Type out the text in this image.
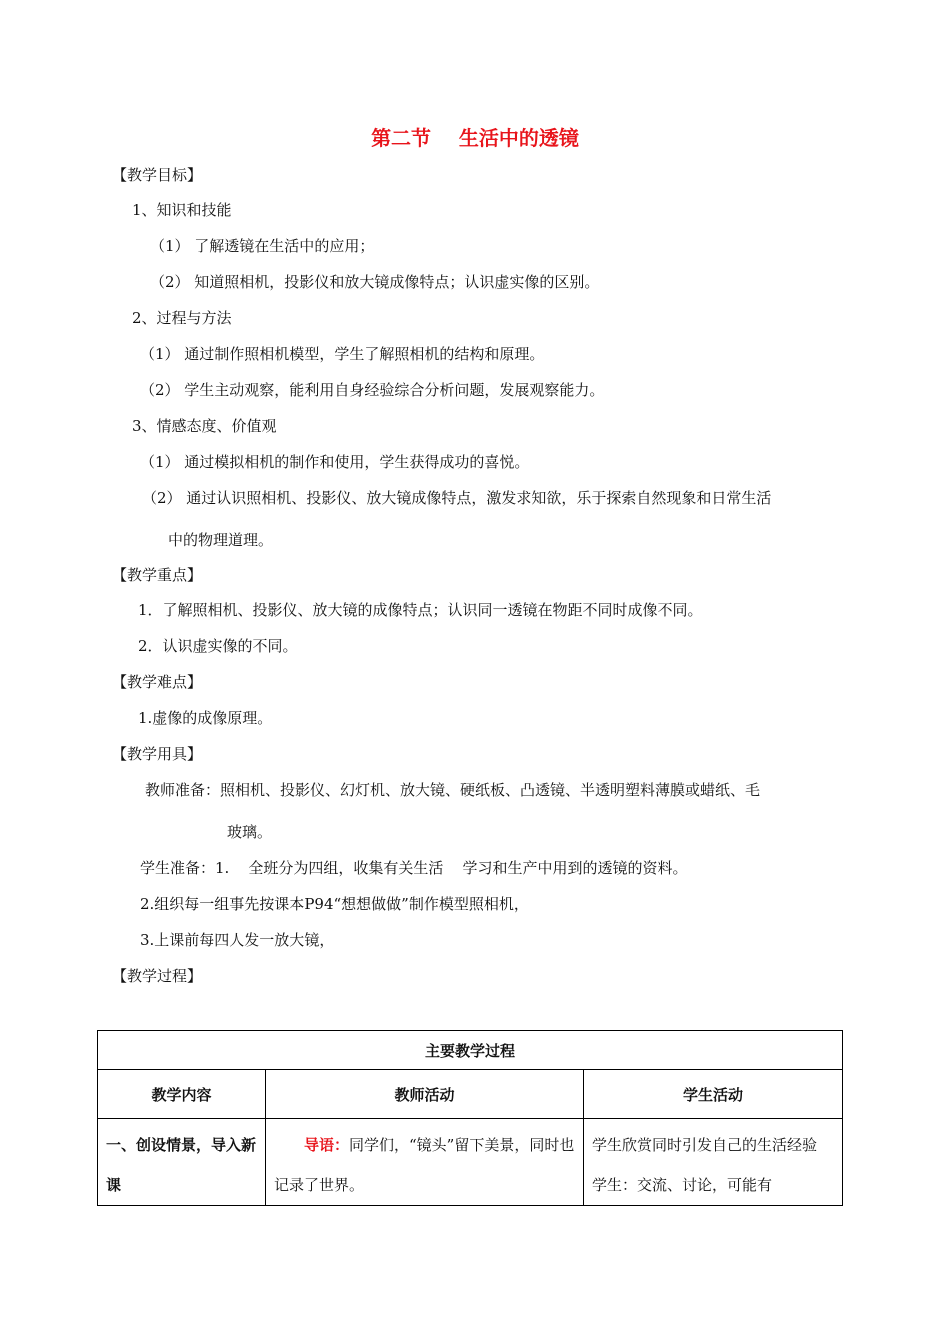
第二节    生活中的透镜
【教学目标】
1、知识和技能
（1） 了解透镜在生活中的应用；
（2） 知道照相机，投影仪和放大镜成像特点；认识虚实像的区别。
2、过程与方法
（1） 通过制作照相机模型，学生了解照相机的结构和原理。
（2） 学生主动观察，能利用自身经验综合分析问题，发展观察能力。
3、情感态度、价值观
（1） 通过模拟相机的制作和使用，学生获得成功的喜悦。
（2） 通过认识照相机、投影仪、放大镜成像特点，激发求知欲，乐于探索自然现象和日常生活
中的物理道理。
【教学重点】
1．了解照相机、投影仪、放大镜的成像特点；认识同一透镜在物距不同时成像不同。
2．认识虚实像的不同。
【教学难点】
1.虚像的成像原理。
【教学用具】
教师准备：照相机、投影仪、幻灯机、放大镜、硬纸板、凸透镜、半透明塑料薄膜或蜡纸、毛
玻璃。
学生准备：1.    全班分为四组，收集有关生活    学习和生产中用到的透镜的资料。
2.组织每一组事先按课本P94“想想做做”制作模型照相机，
3.上课前每四人发一放大镜，
【教学过程】
主要教学过程		
教学内容	教师活动	学生活动
一、创设情景，导入新课	导语：同学们，“镜头”留下美景，同时也记录了世界。	学生欣赏同时引发自己的生活经验 学生：交流、讨论，可能有
